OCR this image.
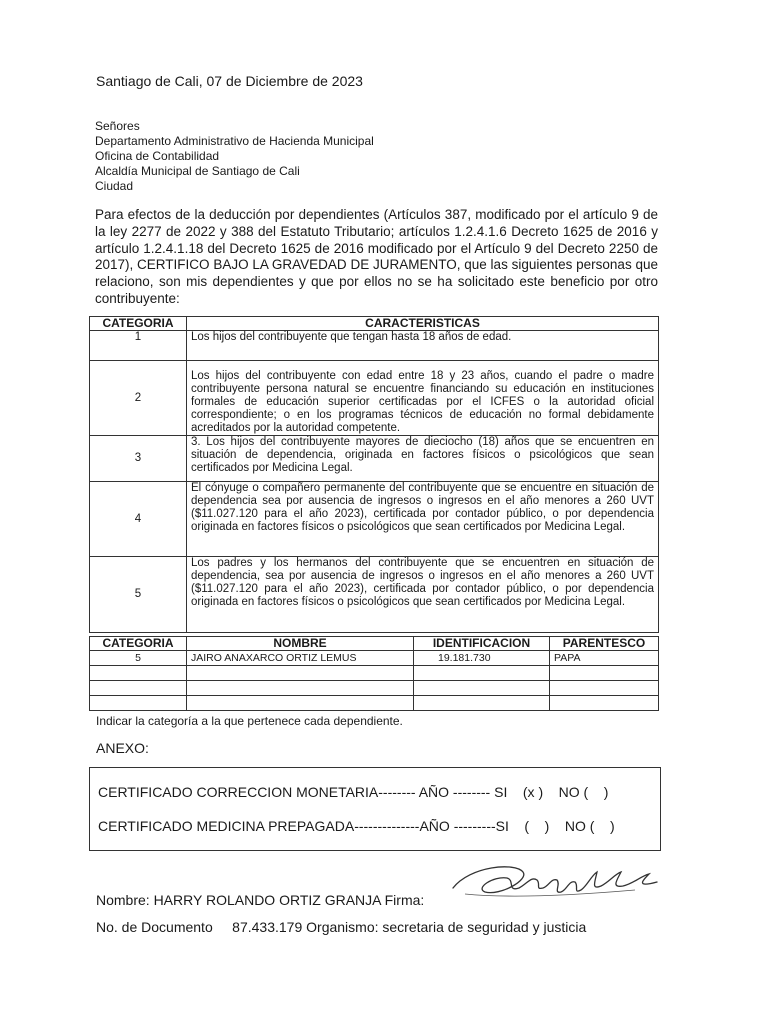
Santiago de Cali, 07 de Diciembre de 2023
Señores
Departamento Administrativo de Hacienda Municipal
Oficina de Contabilidad
Alcaldía Municipal de Santiago de Cali
Ciudad
Para efectos de la deducción por dependientes (Artículos 387, modificado por el artículo 9 de la ley 2277 de 2022 y 388 del Estatuto Tributario; artículos 1.2.4.1.6 Decreto 1625 de 2016 y artículo 1.2.4.1.18 del Decreto 1625 de 2016 modificado por el Artículo 9 del Decreto 2250 de 2017), CERTIFICO BAJO LA GRAVEDAD DE JURAMENTO, que las siguientes personas que relaciono, son mis dependientes y que por ellos no se ha solicitado este beneficio por otro contribuyente:
CATEGORIA	CARACTERISTICAS
1	Los hijos del contribuyente que tengan hasta 18 años de edad.
2	Los hijos del contribuyente con edad entre 18 y 23 años, cuando el padre o madre contribuyente persona natural se encuentre financiando su educación en instituciones formales de educación superior certificadas por el ICFES o la autoridad oficial correspondiente; o en los programas técnicos de educación no formal debidamente acreditados por la autoridad competente.
3	3. Los hijos del contribuyente mayores de dieciocho (18) años que se encuentren en situación de dependencia, originada en factores físicos o psicológicos que sean certificados por Medicina Legal.
4	El cónyuge o compañero permanente del contribuyente que se encuentre en situación de dependencia sea por ausencia de ingresos o ingresos en el año menores a 260 UVT ($11.027.120 para el año 2023), certificada por contador público, o por dependencia originada en factores físicos o psicológicos que sean certificados por Medicina Legal.
5	Los padres y los hermanos del contribuyente que se encuentren en situación de dependencia, sea por ausencia de ingresos o ingresos en el año menores a 260 UVT ($11.027.120 para el año 2023), certificada por contador público, o por dependencia originada en factores físicos o psicológicos que sean certificados por Medicina Legal.
CATEGORIA	NOMBRE	IDENTIFICACION	PARENTESCO
5	JAIRO ANAXARCO ORTIZ LEMUS	19.181.730	PAPA

Indicar la categoría a la que pertenece cada dependiente.
ANEXO:
CERTIFICADO CORRECCION MONETARIA-------- AÑO -------- SI    (x )    NO (    )
CERTIFICADO MEDICINA PREPAGADA--------------AÑO ---------SI    (    )    NO (    )
Nombre: HARRY ROLANDO ORTIZ GRANJA Firma:
No. de Documento     87.433.179 Organismo: secretaria de seguridad y justicia
